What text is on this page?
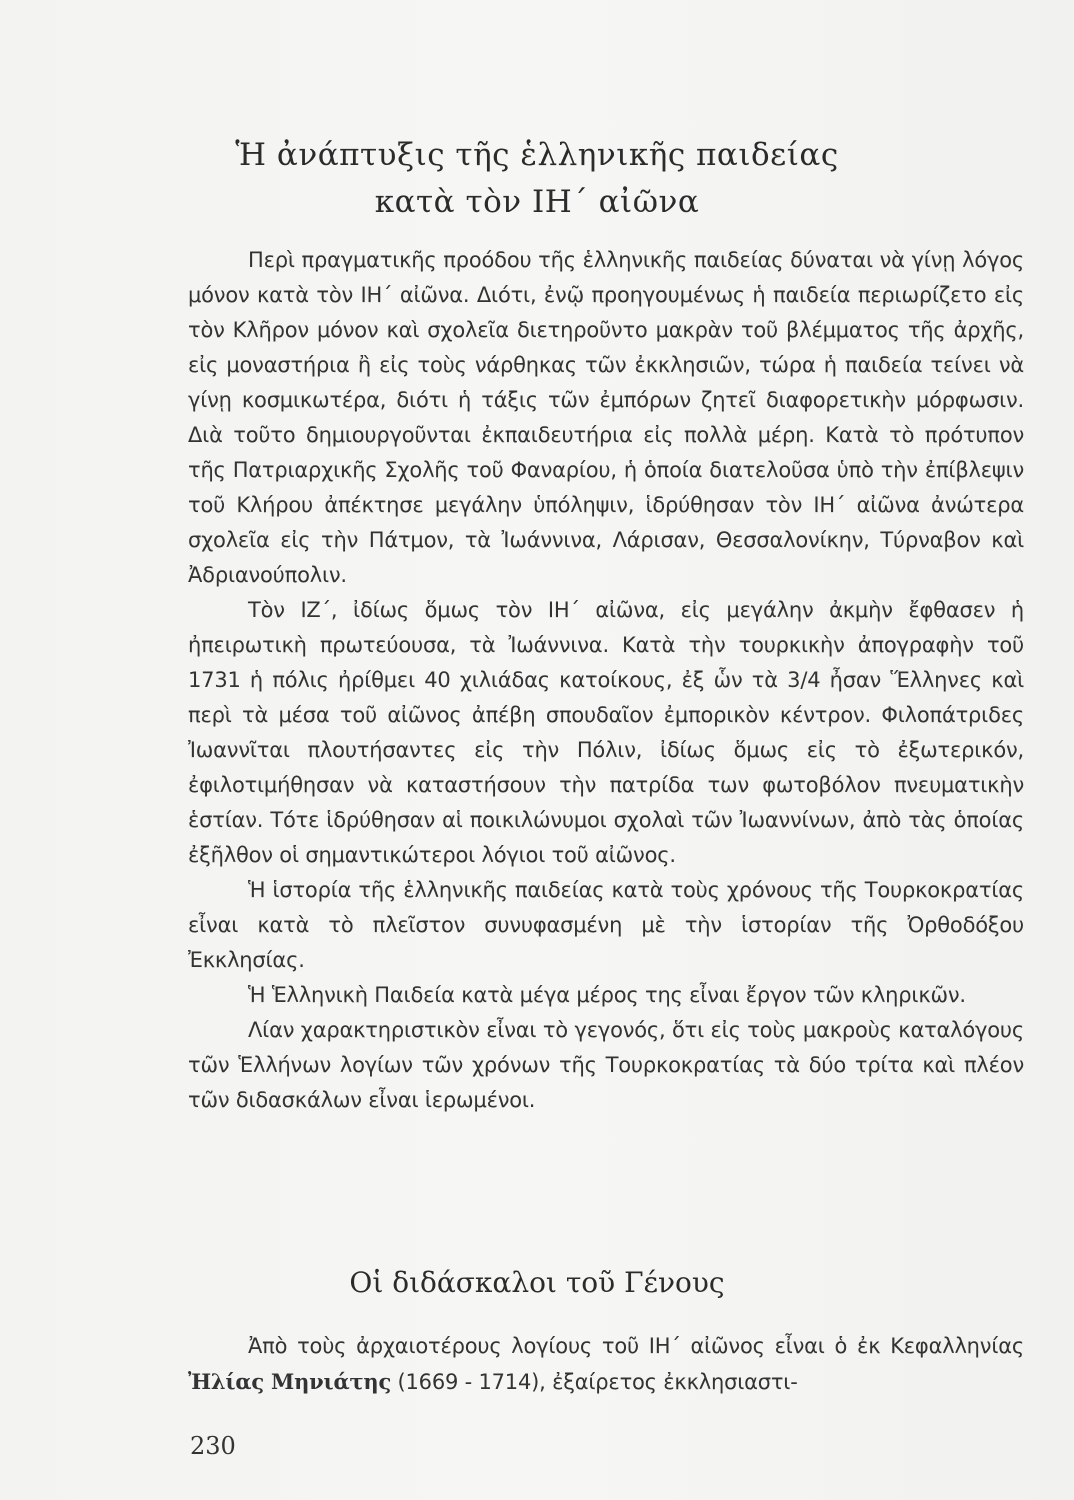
Ἡ ἀνάπτυξις τῆς ἑλληνικῆς παιδείας
κατὰ τὸν ΙΗ΄ αἰῶνα

Περὶ πραγματικῆς προόδου τῆς ἑλληνικῆς παιδείας δύναται νὰ γίνῃ λόγος μόνον κατὰ τὸν ΙΗ΄ αἰῶνα. Διότι, ἐνῷ προηγουμένως ἡ παιδεία περιωρίζετο εἰς τὸν Κλῆρον μόνον καὶ σχολεῖα διετηροῦντο μακρὰν τοῦ βλέμματος τῆς ἀρχῆς, εἰς μοναστήρια ἢ εἰς τοὺς νάρθηκας τῶν ἐκκλησιῶν, τώρα ἡ παιδεία τείνει νὰ γίνῃ κοσμικωτέρα, διότι ἡ τάξις τῶν ἐμπόρων ζητεῖ διαφορετικὴν μόρφωσιν. Διὰ τοῦτο δημιουργοῦνται ἐκπαιδευτήρια εἰς πολλὰ μέρη. Κατὰ τὸ πρότυπον τῆς Πατριαρχικῆς Σχολῆς τοῦ Φαναρίου, ἡ ὁποία διατελοῦσα ὑπὸ τὴν ἐπίβλεψιν τοῦ Κλήρου ἀπέκτησε μεγάλην ὑπόληψιν, ἱδρύθησαν τὸν ΙΗ΄ αἰῶνα ἀνώτερα σχολεῖα εἰς τὴν Πάτμον, τὰ Ἰωάννινα, Λάρισαν, Θεσσαλονίκην, Τύρναβον καὶ Ἀδριανούπολιν.

Τὸν ΙΖ΄, ἰδίως ὅμως τὸν ΙΗ΄ αἰῶνα, εἰς μεγάλην ἀκμὴν ἔφθασεν ἡ ἠπειρωτικὴ πρωτεύουσα, τὰ Ἰωάννινα. Κατὰ τὴν τουρκικὴν ἀπογραφὴν τοῦ 1731 ἡ πόλις ἠρίθμει 40 χιλιάδας κατοίκους, ἐξ ὧν τὰ 3/4 ἦσαν Ἕλληνες καὶ περὶ τὰ μέσα τοῦ αἰῶνος ἀπέβη σπουδαῖον ἐμπορικὸν κέντρον. Φιλοπάτριδες Ἰωαννῖται πλουτήσαντες εἰς τὴν Πόλιν, ἰδίως ὅμως εἰς τὸ ἐξωτερικόν, ἐφιλοτιμήθησαν νὰ καταστήσουν τὴν πατρίδα των φωτοβόλον πνευματικὴν ἑστίαν. Τότε ἱδρύθησαν αἱ ποικιλώνυμοι σχολαὶ τῶν Ἰωαννίνων, ἀπὸ τὰς ὁποίας ἐξῆλθον οἱ σημαντικώτεροι λόγιοι τοῦ αἰῶνος.

Ἡ ἱστορία τῆς ἑλληνικῆς παιδείας κατὰ τοὺς χρόνους τῆς Τουρκοκρατίας εἶναι κατὰ τὸ πλεῖστον συνυφασμένη μὲ τὴν ἱστορίαν τῆς Ὀρθοδόξου Ἐκκλησίας.

Ἡ Ἑλληνικὴ Παιδεία κατὰ μέγα μέρος της εἶναι ἔργον τῶν κληρικῶν.

Λίαν χαρακτηριστικὸν εἶναι τὸ γεγονός, ὅτι εἰς τοὺς μακροὺς καταλόγους τῶν Ἑλλήνων λογίων τῶν χρόνων τῆς Τουρκοκρατίας τὰ δύο τρίτα καὶ πλέον τῶν διδασκάλων εἶναι ἱερωμένοι.

Οἱ διδάσκαλοι τοῦ Γένους

Ἀπὸ τοὺς ἀρχαιοτέρους λογίους τοῦ ΙΗ΄ αἰῶνος εἶναι ὁ ἐκ Κεφαλληνίας Ἠλίας Μηνιάτης (1669 - 1714), ἐξαίρετος ἐκκλησιαστι-

230
